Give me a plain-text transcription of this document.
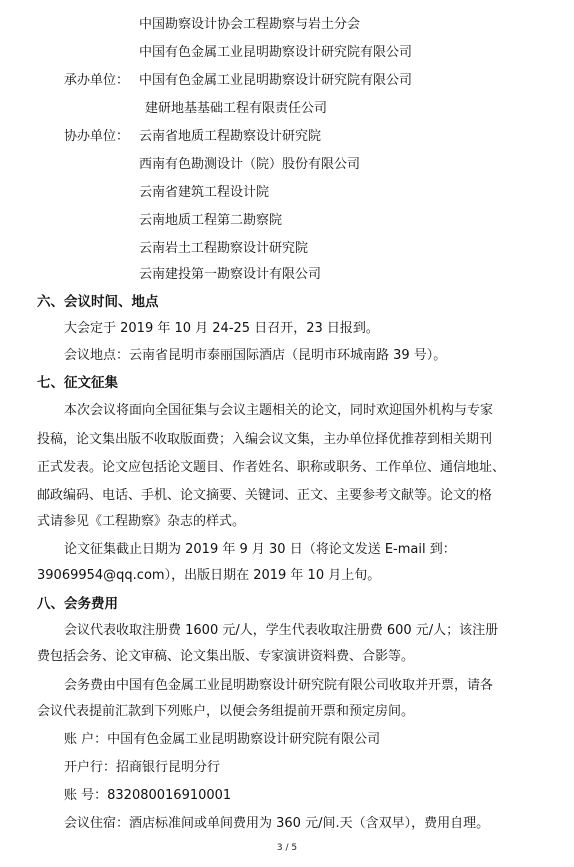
中国勘察设计协会工程勘察与岩土分会
中国有色金属工业昆明勘察设计研究院有限公司
承办单位： 中国有色金属工业昆明勘察设计研究院有限公司
建研地基基础工程有限责任公司
协办单位： 云南省地质工程勘察设计研究院
西南有色勘测设计（院）股份有限公司
云南省建筑工程设计院
云南地质工程第二勘察院
云南岩土工程勘察设计研究院
云南建投第一勘察设计有限公司
六、会议时间、地点
大会定于 2019 年 10 月 24-25 日召开，23 日报到。
会议地点：云南省昆明市泰丽国际酒店（昆明市环城南路 39 号）。
七、征文征集
本次会议将面向全国征集与会议主题相关的论文，同时欢迎国外机构与专家
投稿，论文集出版不收取版面费；入编会议文集，主办单位择优推荐到相关期刊
正式发表。论文应包括论文题目、作者姓名、职称或职务、工作单位、通信地址、
邮政编码、电话、手机、论文摘要、关键词、正文、主要参考文献等。论文的格
式请参见《工程勘察》杂志的样式。
论文征集截止日期为 2019 年 9 月 30 日（将论文发送 E-mail 到：
39069954@qq.com），出版日期在 2019 年 10 月上旬。
八、会务费用
会议代表收取注册费 1600 元/人，学生代表收取注册费 600 元/人；该注册
费包括会务、论文审稿、论文集出版、专家演讲资料费、合影等。
会务费由中国有色金属工业昆明勘察设计研究院有限公司收取并开票，请各
会议代表提前汇款到下列账户，以便会务组提前开票和预定房间。
账 户：中国有色金属工业昆明勘察设计研究院有限公司
开户行：招商银行昆明分行
账 号：832080016910001
会议住宿：酒店标准间或单间费用为 360 元/间.天（含双早），费用自理。
3 / 5
